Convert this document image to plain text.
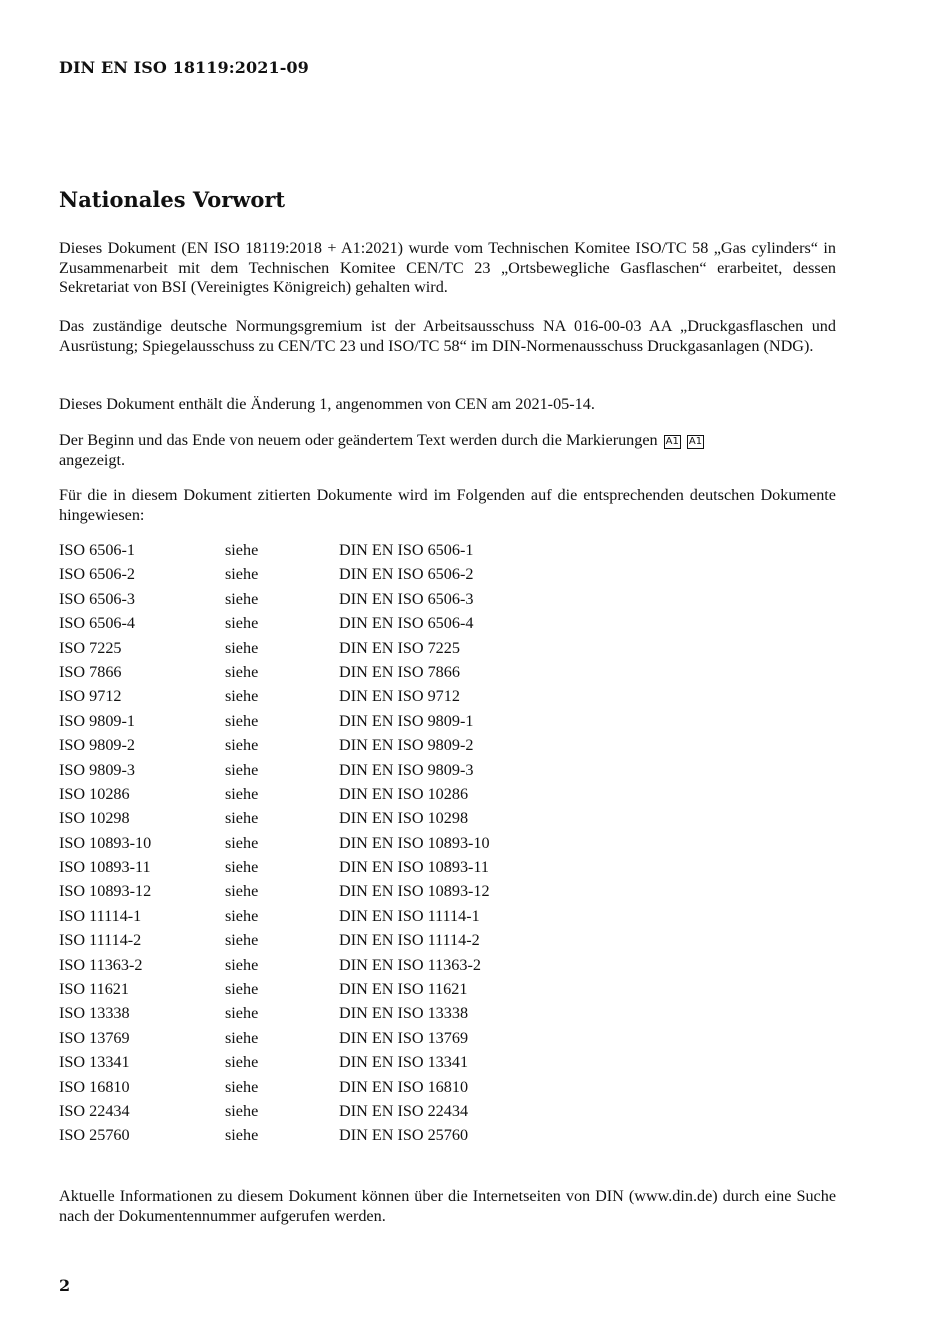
DIN EN ISO 18119:2021-09
Nationales Vorwort

Dieses Dokument (EN ISO 18119:2018 + A1:2021) wurde vom Technischen Komitee ISO/TC 58 „Gas cylinders“ in Zusammenarbeit mit dem Technischen Komitee CEN/TC 23 „Ortsbewegliche Gasflaschen“ erarbeitet, dessen Sekretariat von BSI (Vereinigtes Königreich) gehalten wird.

Das zuständige deutsche Normungsgremium ist der Arbeitsausschuss NA 016-00-03 AA „Druckgasflaschen und Ausrüstung; Spiegelausschuss zu CEN/TC 23 und ISO/TC 58“ im DIN-Normenausschuss Druckgasanlagen (NDG).

Dieses Dokument enthält die Änderung 1, angenommen von CEN am 2021-05-14.

Der Beginn und das Ende von neuem oder geändertem Text werden durch die Markierungen A1 A1
angezeigt.

Für die in diesem Dokument zitierten Dokumente wird im Folgenden auf die entsprechenden deutschen Dokumente hingewiesen:

ISO 6506-1	siehe	DIN EN ISO 6506-1
ISO 6506-2	siehe	DIN EN ISO 6506-2
ISO 6506-3	siehe	DIN EN ISO 6506-3
ISO 6506-4	siehe	DIN EN ISO 6506-4
ISO 7225	siehe	DIN EN ISO 7225
ISO 7866	siehe	DIN EN ISO 7866
ISO 9712	siehe	DIN EN ISO 9712
ISO 9809-1	siehe	DIN EN ISO 9809-1
ISO 9809-2	siehe	DIN EN ISO 9809-2
ISO 9809-3	siehe	DIN EN ISO 9809-3
ISO 10286	siehe	DIN EN ISO 10286
ISO 10298	siehe	DIN EN ISO 10298
ISO 10893-10	siehe	DIN EN ISO 10893-10
ISO 10893-11	siehe	DIN EN ISO 10893-11
ISO 10893-12	siehe	DIN EN ISO 10893-12
ISO 11114-1	siehe	DIN EN ISO 11114-1
ISO 11114-2	siehe	DIN EN ISO 11114-2
ISO 11363-2	siehe	DIN EN ISO 11363-2
ISO 11621	siehe	DIN EN ISO 11621
ISO 13338	siehe	DIN EN ISO 13338
ISO 13769	siehe	DIN EN ISO 13769
ISO 13341	siehe	DIN EN ISO 13341
ISO 16810	siehe	DIN EN ISO 16810
ISO 22434	siehe	DIN EN ISO 22434
ISO 25760	siehe	DIN EN ISO 25760

Aktuelle Informationen zu diesem Dokument können über die Internetseiten von DIN (www.din.de) durch eine Suche nach der Dokumentennummer aufgerufen werden.

2
